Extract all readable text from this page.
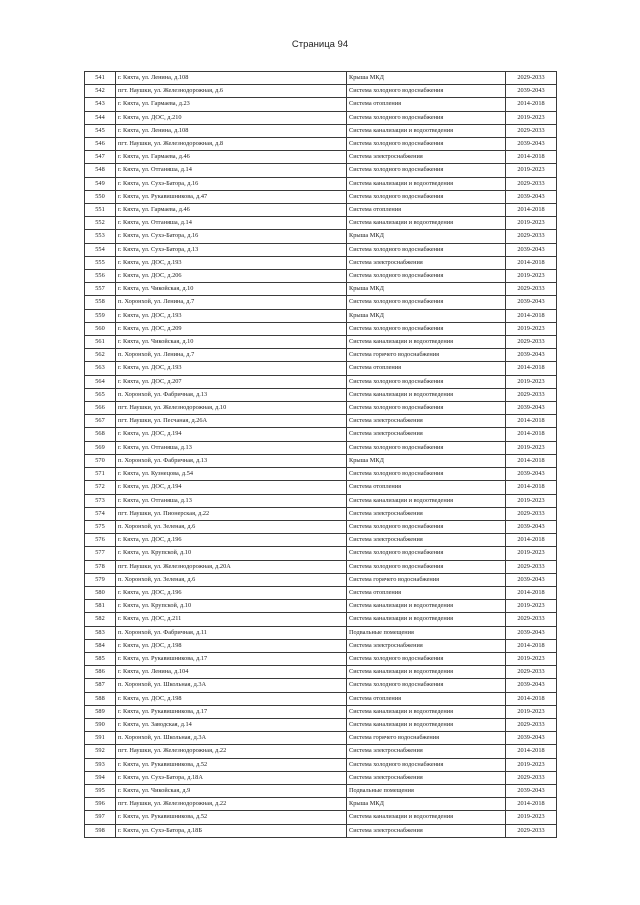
Страница 94
541	г. Кяхта, ул. Ленина, д.108	Крыша МКД	2029-2033
542	пгт. Наушки, ул. Железнодорожная, д.6	Система холодного водоснабжения	2039-2043
543	г. Кяхта, ул. Гармаева, д.23	Система отопления	2014-2018
544	г. Кяхта, ул. ДОС, д.210	Система холодного водоснабжения	2019-2023
545	г. Кяхта, ул. Ленина, д.108	Система канализации и водоотведения	2029-2033
546	пгт. Наушки, ул. Железнодорожная, д.8	Система холодного водоснабжения	2039-2043
547	г. Кяхта, ул. Гармаева, д.46	Система электроснабжения	2014-2018
548	г. Кяхта, ул. Отганяша, д.14	Система холодного водоснабжения	2019-2023
549	г. Кяхта, ул. Сухэ-Батора, д.16	Система канализации и водоотведения	2029-2033
550	г. Кяхта, ул. Рукавишникова, д.47	Система холодного водоснабжения	2039-2043
551	г. Кяхта, ул. Гармаева, д.46	Система отопления	2014-2018
552	г. Кяхта, ул. Отганяша, д.14	Система канализации и водоотведения	2019-2023
553	г. Кяхта, ул. Сухэ-Батора, д.16	Крыша МКД	2029-2033
554	г. Кяхта, ул. Сухэ-Батора, д.13	Система холодного водоснабжения	2039-2043
555	г. Кяхта, ул. ДОС, д.193	Система электроснабжения	2014-2018
556	г. Кяхта, ул. ДОС, д.206	Система холодного водоснабжения	2019-2023
557	г. Кяхта, ул. Чикойская, д.10	Крыша МКД	2029-2033
558	п. Хоронхой, ул. Ленина, д.7	Система холодного водоснабжения	2039-2043
559	г. Кяхта, ул. ДОС, д.193	Крыша МКД	2014-2018
560	г. Кяхта, ул. ДОС, д.209	Система холодного водоснабжения	2019-2023
561	г. Кяхта, ул. Чикойская, д.10	Система канализации и водоотведения	2029-2033
562	п. Хоронхой, ул. Ленина, д.7	Система горячего водоснабжения	2039-2043
563	г. Кяхта, ул. ДОС, д.193	Система отопления	2014-2018
564	г. Кяхта, ул. ДОС, д.207	Система холодного водоснабжения	2019-2023
565	п. Хоронхой, ул. Фабричная, д.13	Система канализации и водоотведения	2029-2033
566	пгт. Наушки, ул. Железнодорожная, д.10	Система холодного водоснабжения	2039-2043
567	пгт. Наушки, ул. Песчаная, д.26А	Система электроснабжения	2014-2018
568	г. Кяхта, ул. ДОС, д.194	Система электроснабжения	2014-2018
569	г. Кяхта, ул. Отганяша, д.13	Система холодного водоснабжения	2019-2023
570	п. Хоронхой, ул. Фабричная, д.13	Крыша МКД	2014-2018
571	г. Кяхта, ул. Кузнецова, д.54	Система холодного водоснабжения	2039-2043
572	г. Кяхта, ул. ДОС, д.194	Система отопления	2014-2018
573	г. Кяхта, ул. Отганяша, д.13	Система канализации и водоотведения	2019-2023
574	пгт. Наушки, ул. Пионерская, д.22	Система электроснабжения	2029-2033
575	п. Хоронхой, ул. Зеленая, д.6	Система холодного водоснабжения	2039-2043
576	г. Кяхта, ул. ДОС, д.196	Система электроснабжения	2014-2018
577	г. Кяхта, ул. Крупской, д.10	Система холодного водоснабжения	2019-2023
578	пгт. Наушки, ул. Железнодорожная, д.20А	Система холодного водоснабжения	2029-2033
579	п. Хоронхой, ул. Зеленая, д.6	Система горячего водоснабжения	2039-2043
580	г. Кяхта, ул. ДОС, д.196	Система отопления	2014-2018
581	г. Кяхта, ул. Крупской, д.10	Система канализации и водоотведения	2019-2023
582	г. Кяхта, ул. ДОС, д.211	Система канализации и водоотведения	2029-2033
583	п. Хоронхой, ул. Фабричная, д.11	Подвальные помещения	2039-2043
584	г. Кяхта, ул. ДОС, д.198	Система электроснабжения	2014-2018
585	г. Кяхта, ул. Рукавишникова, д.17	Система холодного водоснабжения	2019-2023
586	г. Кяхта, ул. Ленина, д.104	Система канализации и водоотведения	2029-2033
587	п. Хоронхой, ул. Школьная, д.3А	Система холодного водоснабжения	2039-2043
588	г. Кяхта, ул. ДОС, д.198	Система отопления	2014-2018
589	г. Кяхта, ул. Рукавишникова, д.17	Система канализации и водоотведения	2019-2023
590	г. Кяхта, ул. Заводская, д.14	Система канализации и водоотведения	2029-2033
591	п. Хоронхой, ул. Школьная, д.3А	Система горячего водоснабжения	2039-2043
592	пгт. Наушки, ул. Железнодорожная, д.22	Система электроснабжения	2014-2018
593	г. Кяхта, ул. Рукавишникова, д.52	Система холодного водоснабжения	2019-2023
594	г. Кяхта, ул. Сухэ-Батора, д.18А	Система электроснабжения	2029-2033
595	г. Кяхта, ул. Чикойская, д.9	Подвальные помещения	2039-2043
596	пгт. Наушки, ул. Железнодорожная, д.22	Крыша МКД	2014-2018
597	г. Кяхта, ул. Рукавишникова, д.52	Система канализации и водоотведения	2019-2023
598	г. Кяхта, ул. Сухэ-Батора, д.18Б	Система электроснабжения	2029-2033
